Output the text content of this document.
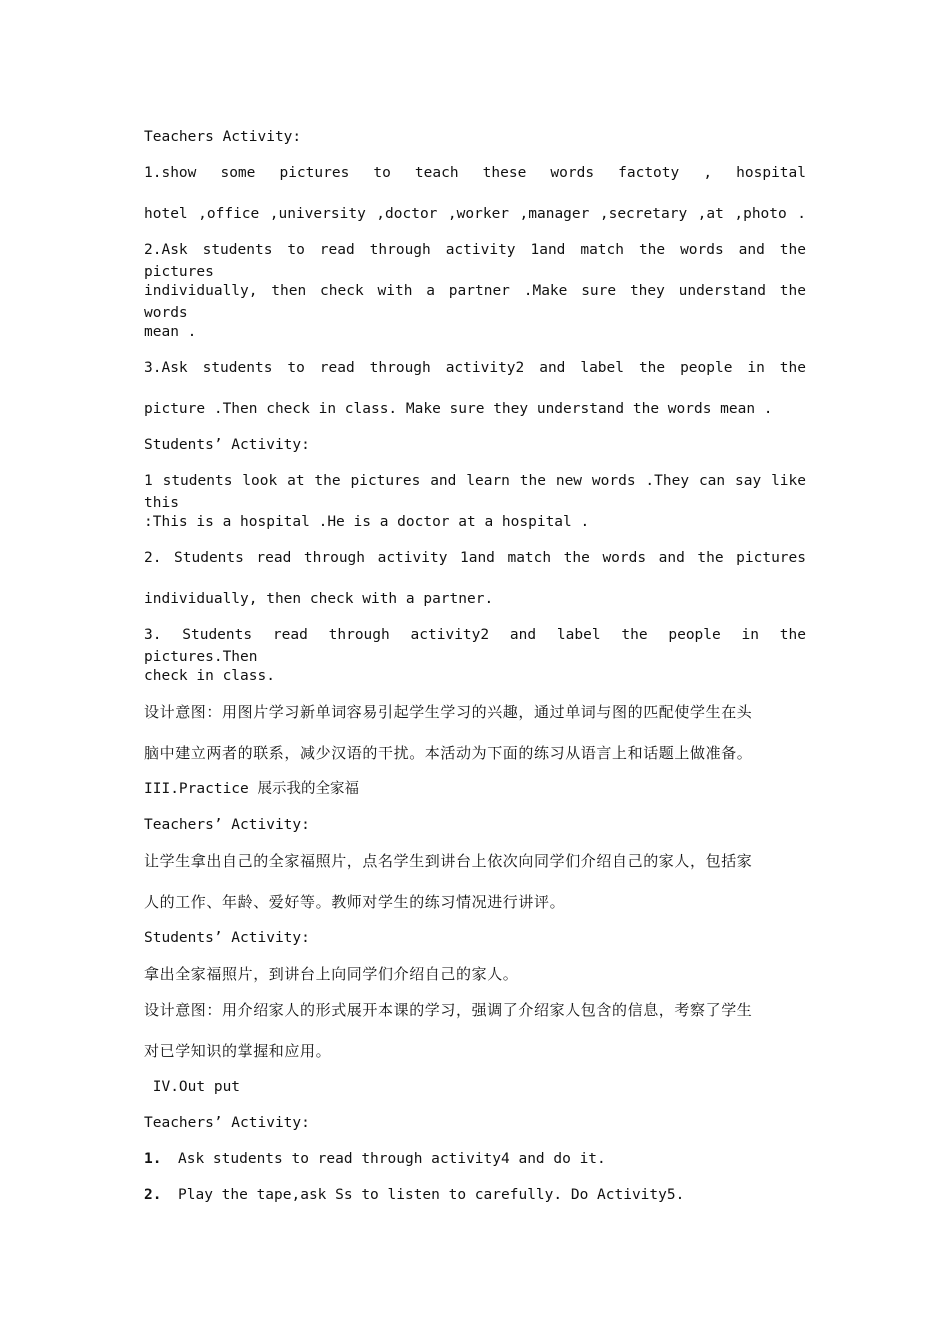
Teachers Activity:
1.show some pictures to teach these words factoty , hospital
hotel ,office ,university ,doctor ,worker ,manager ,secretary ,at ,photo .
2.Ask students to read through activity 1and match the words and the pictures
individually, then check with a partner .Make sure they understand the words
mean .
3.Ask students to read through activity2 and label the people in the
picture .Then check in class. Make sure they understand the words mean .
Students’ Activity:
1 students look at the pictures and learn the new words .They can say like this
:This is a hospital .He is a doctor at a hospital .
2. Students read through activity 1and match the words and the pictures
individually, then check with a partner.
3. Students read through activity2 and label the people in the pictures.Then
check in class.
设计意图：用图片学习新单词容易引起学生学习的兴趣，通过单词与图的匹配使学生在头
脑中建立两者的联系，减少汉语的干扰。本活动为下面的练习从语言上和话题上做准备。
III.Practice 展示我的全家福
Teachers’ Activity:
让学生拿出自己的全家福照片，点名学生到讲台上依次向同学们介绍自己的家人，包括家
人的工作、年龄、爱好等。教师对学生的练习情况进行讲评。
Students’ Activity:
拿出全家福照片，到讲台上向同学们介绍自己的家人。
设计意图：用介绍家人的形式展开本课的学习，强调了介绍家人包含的信息，考察了学生
对已学知识的掌握和应用。
IV.Out put
Teachers’ Activity:
1. Ask students to read through activity4 and do it.
2. Play the tape,ask Ss to listen to carefully. Do Activity5.
